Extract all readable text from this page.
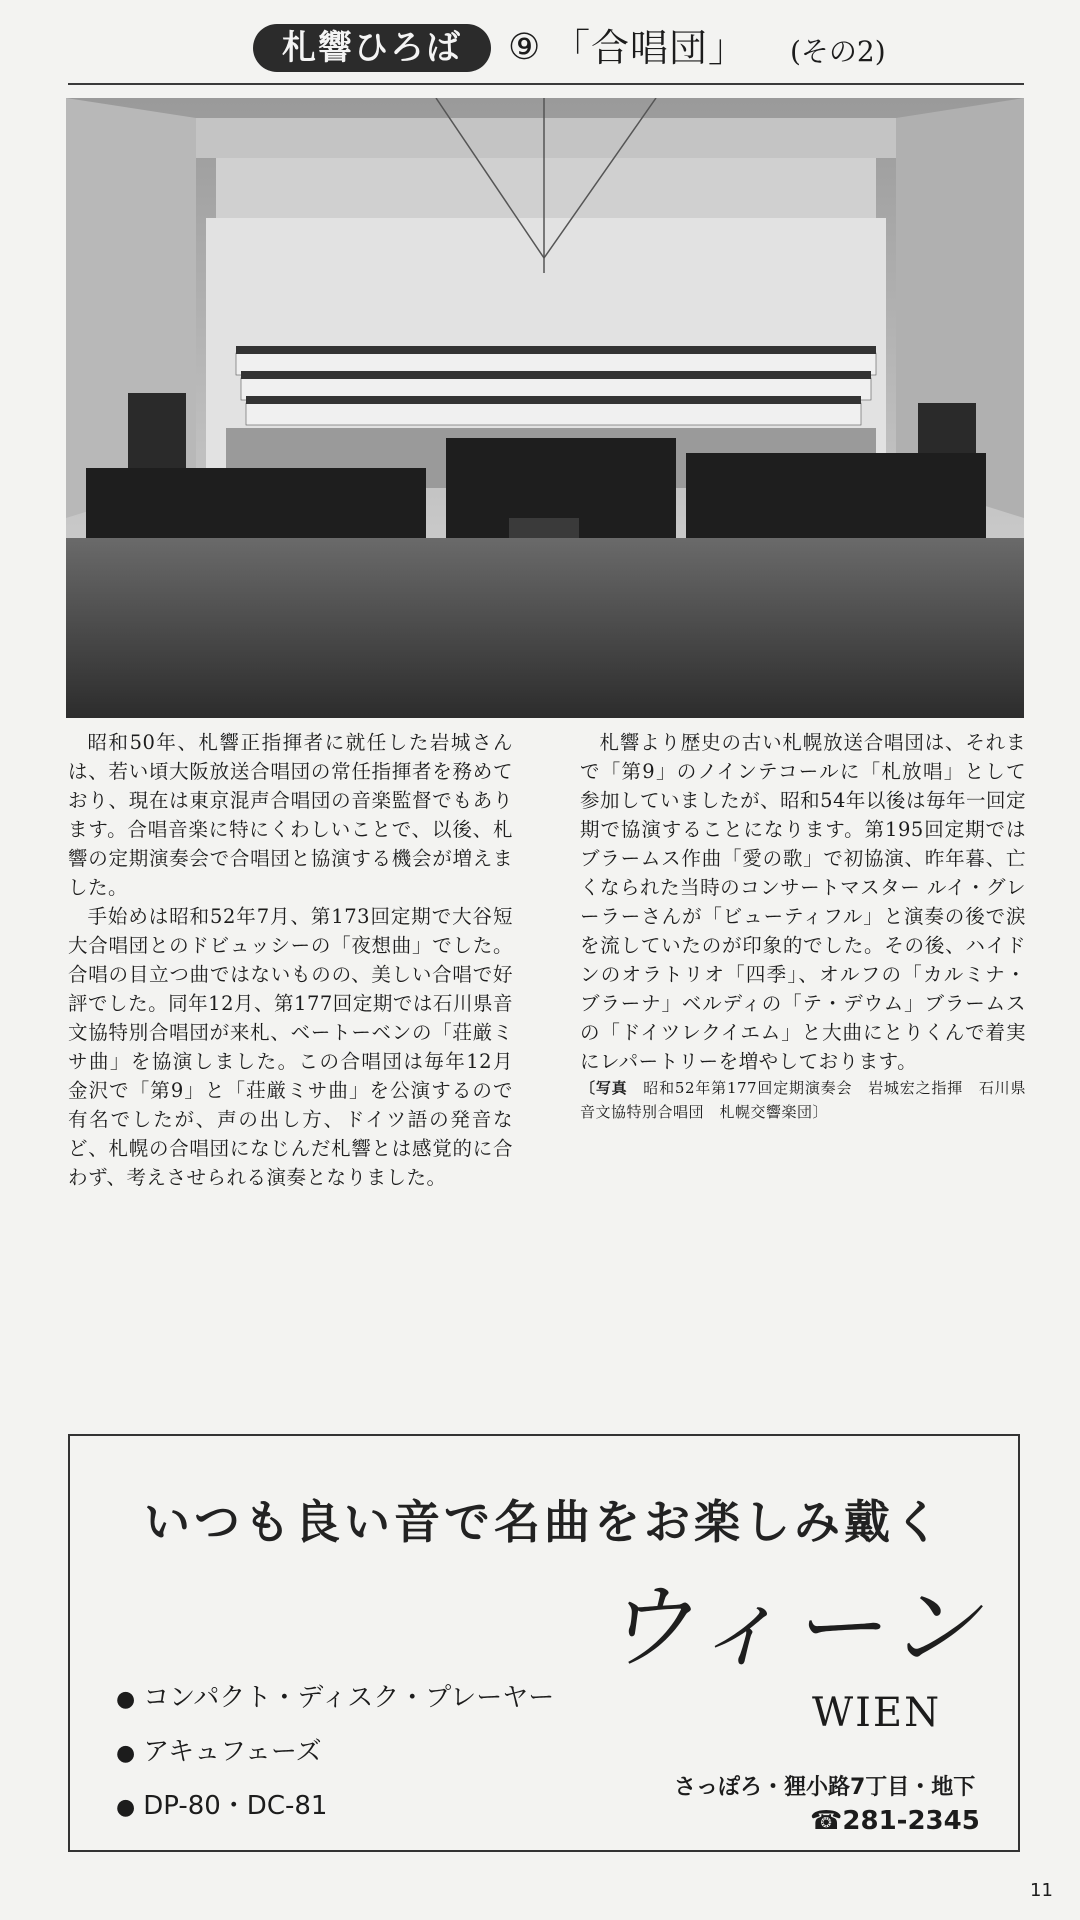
札響ひろば	⑨ 「合唱団」 (その2)

昭和50年、札響正指揮者に就任した岩城さんは、若い頃大阪放送合唱団の常任指揮者を務めており、現在は東京混声合唱団の音楽監督でもあります。合唱音楽に特にくわしいことで、以後、札響の定期演奏会で合唱団と協演する機会が増えました。

手始めは昭和52年7月、第173回定期で大谷短大合唱団とのドビュッシーの「夜想曲」でした。合唱の目立つ曲ではないものの、美しい合唱で好評でした。同年12月、第177回定期では石川県音文協特別合唱団が来札、ベートーベンの「荘厳ミサ曲」を協演しました。この合唱団は毎年12月金沢で「第9」と「荘厳ミサ曲」を公演するので有名でしたが、声の出し方、ドイツ語の発音など、札幌の合唱団になじんだ札響とは感覚的に合わず、考えさせられる演奏となりました。

札響より歴史の古い札幌放送合唱団は、それまで「第9」のノインテコールに「札放唱」として参加していましたが、昭和54年以後は毎年一回定期で協演することになります。第195回定期ではブラームス作曲「愛の歌」で初協演、昨年暮、亡くなられた当時のコンサートマスター ルイ・グレーラーさんが「ビューティフル」と演奏の後で涙を流していたのが印象的でした。その後、ハイドンのオラトリオ「四季」、オルフの「カルミナ・ブラーナ」ベルディの「テ・デウム」ブラームスの「ドイツレクイエム」と大曲にとりくんで着実にレパートリーを増やしております。

〔写真　 昭和52年第177回定期演奏会　岩城宏之指揮　石川県音文協特別合唱団　札幌交響楽団〕

いつも良い音で名曲をお楽しみ戴く
● コンパクト・ディスク・プレーヤー
● アキュフェーズ
● DP-80・DC-81
ウィーン
WIEN
さっぽろ・狸小路7丁目・地下
☎281-2345
11
